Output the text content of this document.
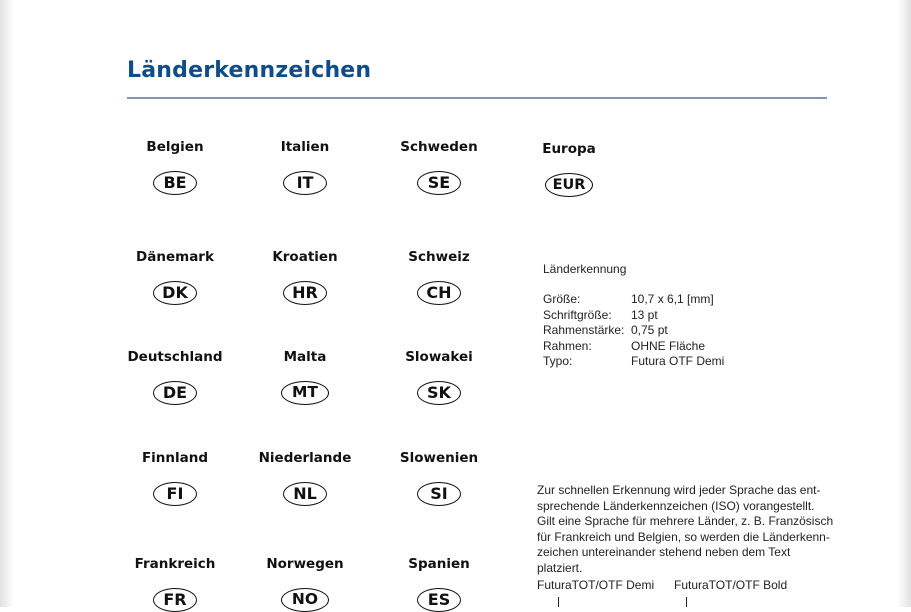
Länderkennzeichen
Belgien
BE
Italien
IT
Schweden
SE
Europa
EUR
Dänemark
DK
Kroatien
HR
Schweiz
CH
Deutschland
DE
Malta
MT
Slowakei
SK
Finnland
FI
Niederlande
NL
Slowenien
SI
Frankreich
FR
Norwegen
NO
Spanien
ES
Länderkennung
Größe:	10,7 x 6,1 [mm]
Schriftgröße:	13 pt
Rahmenstärke: 0,75 pt
Rahmen:	OHNE Fläche
Typo:	Futura OTF Demi
Zur schnellen Erkennung wird jeder Sprache das ent-
sprechende Länderkennzeichen (ISO) vorangestellt.
Gilt eine Sprache für mehrere Länder, z. B. Französisch
für Frankreich und Belgien, so werden die Länderkenn-
zeichen untereinander stehend neben dem Text platziert.
FuturaTOT/OTF Demi FuturaTOT/OTF Bold
